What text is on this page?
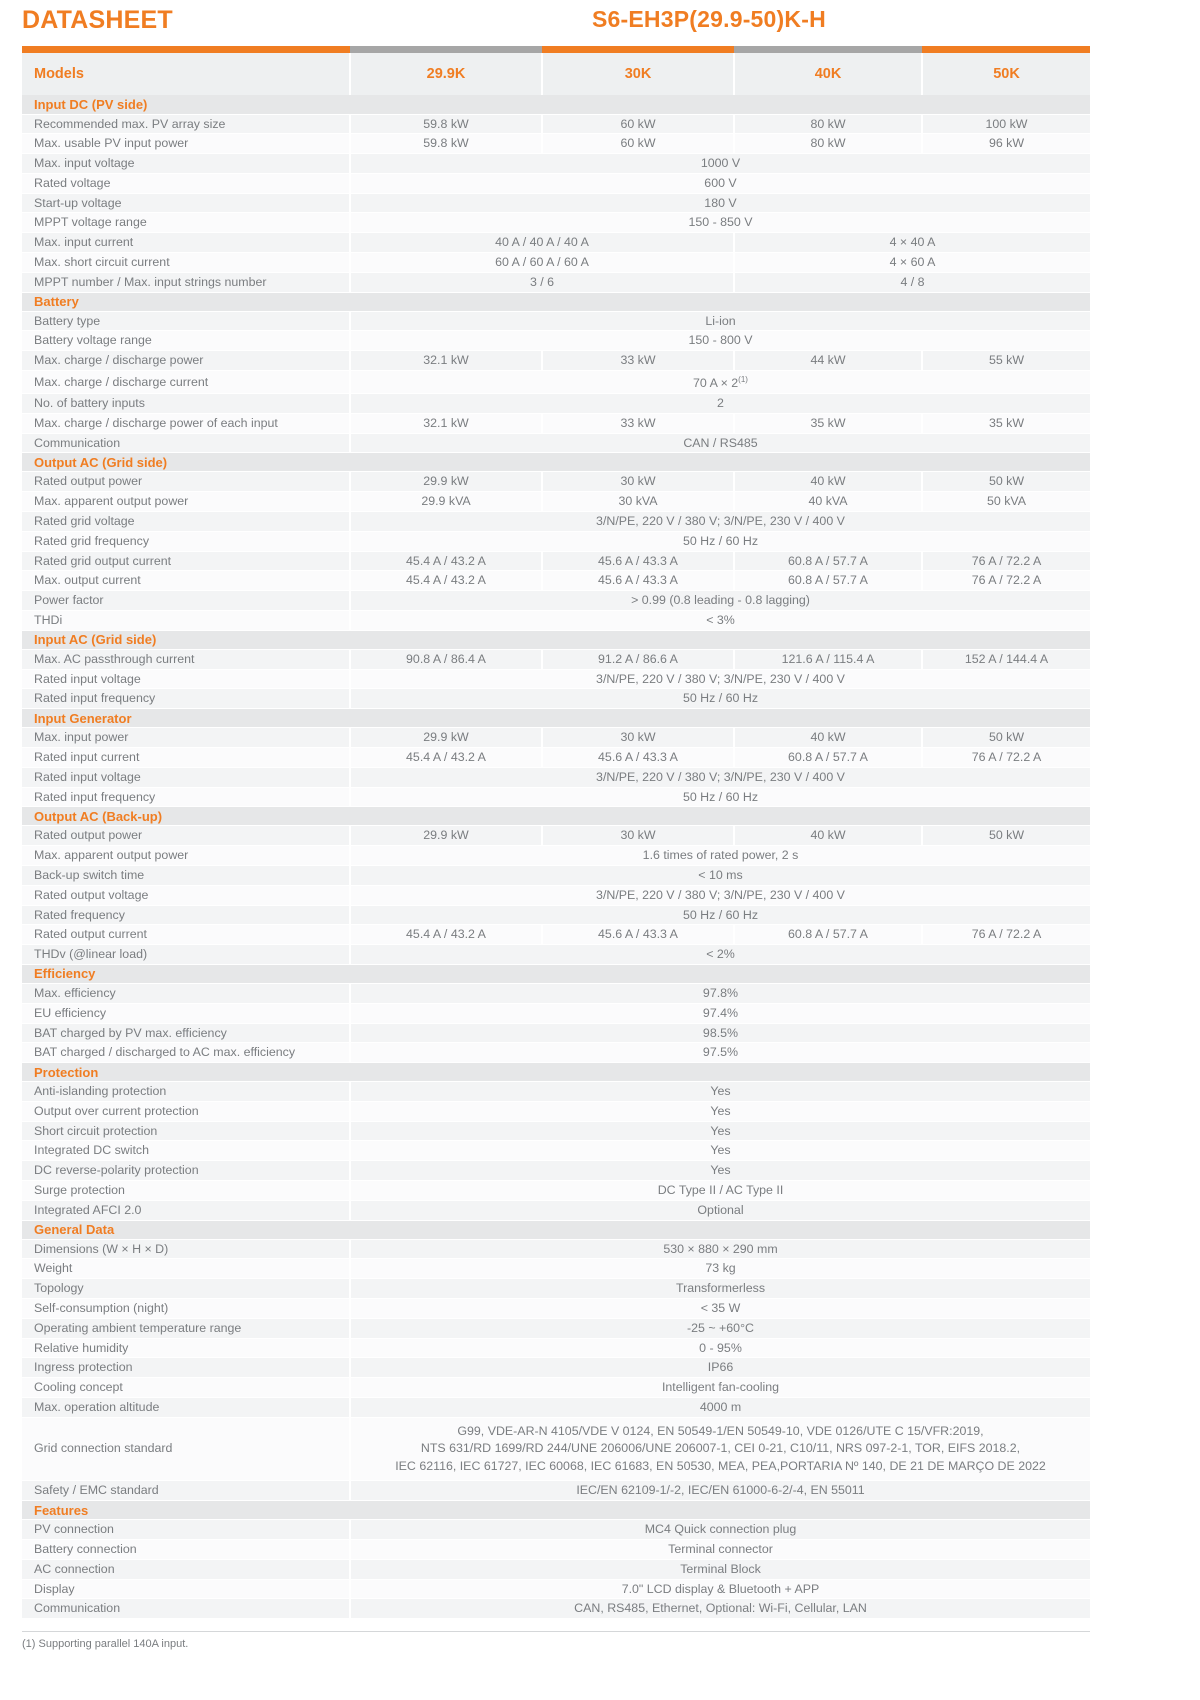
DATASHEET	S6-EH3P(29.9-50)K-H

Models	29.9K	30K	40K	50K
Input DC (PV side)				
Recommended max. PV array size	59.8 kW	60 kW	80 kW	100 kW
Max. usable PV input power	59.8 kW	60 kW	80 kW	96 kW
Max. input voltage	1000 V			
Rated voltage	600 V			
Start-up voltage	180 V			
MPPT voltage range	150 - 850 V			
Max. input current	40 A / 40 A / 40 A		4 × 40 A	
Max. short circuit current	60 A / 60 A / 60 A		4 × 60 A	
MPPT number / Max. input strings number	3 / 6		4 / 8	
Battery				
Battery type	Li-ion			
Battery voltage range	150 - 800 V			
Max. charge / discharge power	32.1 kW	33 kW	44 kW	55 kW
Max. charge / discharge current	70 A × 2$^{(1)}$
No. of battery inputs	2			
Max. charge / discharge power of each input	32.1 kW	33 kW	35 kW	35 kW
Communication	CAN / RS485			
Output AC (Grid side)				
Rated output power	29.9 kW	30 kW	40 kW	50 kW
Max. apparent output power	29.9 kVA	30 kVA	40 kVA	50 kVA
Rated grid voltage	3/N/PE, 220 V / 380 V; 3/N/PE, 230 V / 400 V			
Rated grid frequency	50 Hz / 60 Hz			
Rated grid output current	45.4 A / 43.2 A	45.6 A / 43.3 A	60.8 A / 57.7 A	76 A / 72.2 A
Max. output current	45.4 A / 43.2 A	45.6 A / 43.3 A	60.8 A / 57.7 A	76 A / 72.2 A
Power factor	> 0.99 (0.8 leading - 0.8 lagging)			
THDi	< 3%			
Input AC (Grid side)				
Max. AC passthrough current	90.8 A / 86.4 A	91.2 A / 86.6 A	121.6 A / 115.4 A	152 A / 144.4 A
Rated input voltage	3/N/PE, 220 V / 380 V; 3/N/PE, 230 V / 400 V			
Rated input frequency	50 Hz / 60 Hz			
Input Generator				
Max. input power	29.9 kW	30 kW	40 kW	50 kW
Rated input current	45.4 A / 43.2 A	45.6 A / 43.3 A	60.8 A / 57.7 A	76 A / 72.2 A
Rated input voltage	3/N/PE, 220 V / 380 V; 3/N/PE, 230 V / 400 V			
Rated input frequency	50 Hz / 60 Hz			
Output AC (Back-up)				
Rated output power	29.9 kW	30 kW	40 kW	50 kW
Max. apparent output power	1.6 times of rated power, 2 s			
Back-up switch time	< 10 ms			
Rated output voltage	3/N/PE, 220 V / 380 V; 3/N/PE, 230 V / 400 V			
Rated frequency	50 Hz / 60 Hz			
Rated output current	45.4 A / 43.2 A	45.6 A / 43.3 A	60.8 A / 57.7 A	76 A / 72.2 A
THDv (@linear load)	< 2%			
Efficiency				
Max. efficiency	97.8%			
EU efficiency	97.4%			
BAT charged by PV max. efficiency	98.5%			
BAT charged / discharged to AC max. efficiency	97.5%			
Protection				
Anti-islanding protection	Yes			
Output over current protection	Yes			
Short circuit protection	Yes			
Integrated DC switch	Yes			
DC reverse-polarity protection	Yes			
Surge protection	DC Type II / AC Type II			
Integrated AFCI 2.0	Optional			
General Data				
Dimensions (W × H × D)	530 × 880 × 290 mm			
Weight	73 kg			
Topology	Transformerless			
Self-consumption (night)	< 35 W			
Operating ambient temperature range	-25 ~ +60°C			
Relative humidity	0 - 95%			
Ingress protection	IP66			
Cooling concept	Intelligent fan-cooling			
Max. operation altitude	4000 m			
Grid connection standard	G99, VDE-AR-N 4105/VDE V 0124, EN 50549-1/EN 50549-10, VDE 0126/UTE C 15/VFR:2019,
NTS 631/RD 1699/RD 244/UNE 206006/UNE 206007-1, CEI 0-21, C10/11, NRS 097-2-1, TOR, EIFS 2018.2,
IEC 62116, IEC 61727, IEC 60068, IEC 61683, EN 50530, MEA, PEA,PORTARIA Nº 140, DE 21 DE MARÇO DE 2022			

Safety / EMC standard	IEC/EN 62109-1/-2, IEC/EN 61000-6-2/-4, EN 55011			
Features				
PV connection	MC4 Quick connection plug			
Battery connection	Terminal connector			
AC connection	Terminal Block			
Display	7.0" LCD display & Bluetooth + APP			
Communication	CAN, RS485, Ethernet, Optional: Wi-Fi, Cellular, LAN			
(1) Supporting parallel 140A input.
